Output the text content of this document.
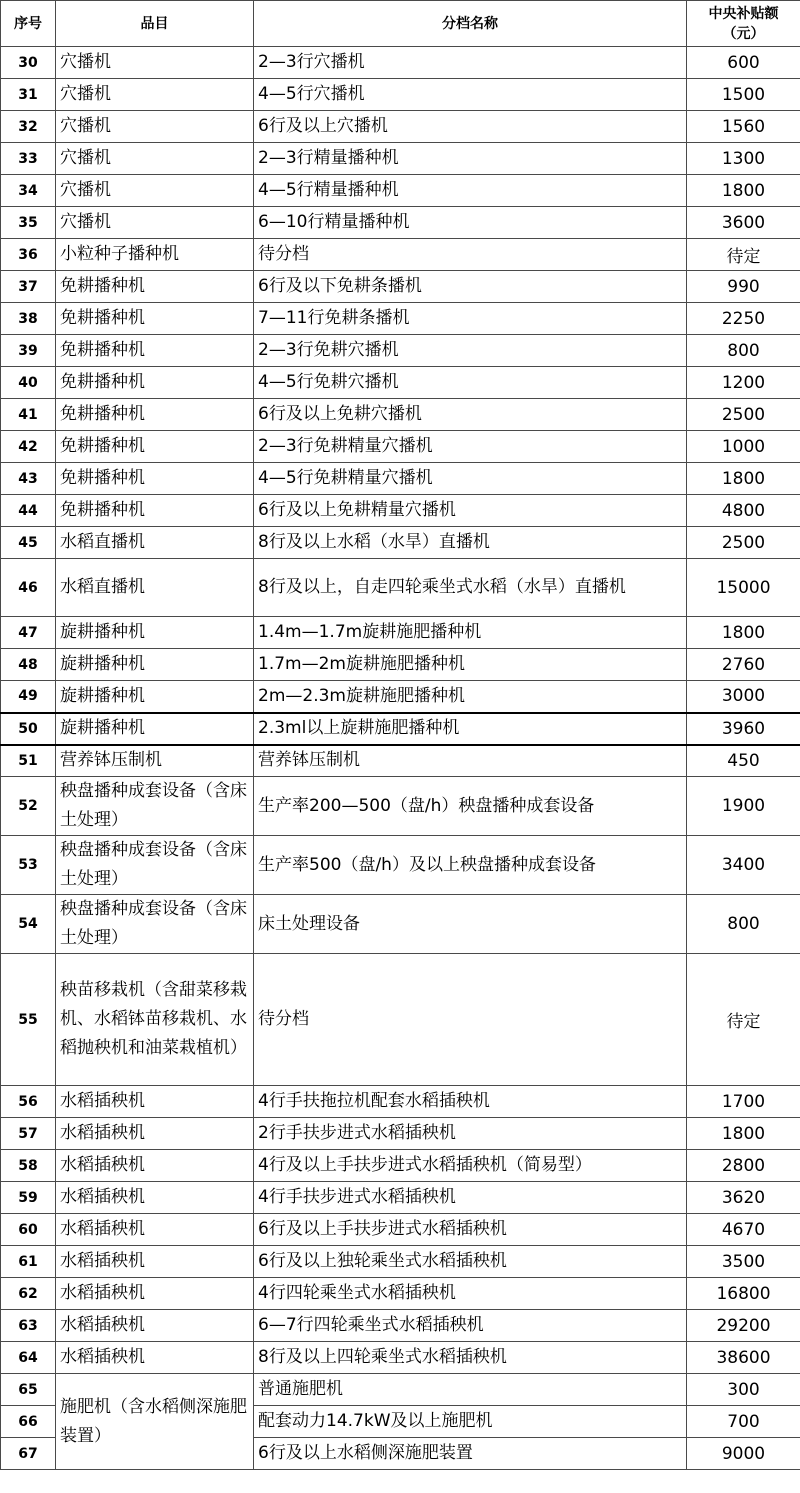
序号	品目	分档名称	中央补贴额
（元）

30	穴播机	2—3行穴播机	600
31	穴播机	4—5行穴播机	1500
32	穴播机	6行及以上穴播机	1560
33	穴播机	2—3行精量播种机	1300
34	穴播机	4—5行精量播种机	1800
35	穴播机	6—10行精量播种机	3600
36	小粒种子播种机	待分档	待定
37	免耕播种机	6行及以下免耕条播机	990
38	免耕播种机	7—11行免耕条播机	2250
39	免耕播种机	2—3行免耕穴播机	800
40	免耕播种机	4—5行免耕穴播机	1200
41	免耕播种机	6行及以上免耕穴播机	2500
42	免耕播种机	2—3行免耕精量穴播机	1000
43	免耕播种机	4—5行免耕精量穴播机	1800
44	免耕播种机	6行及以上免耕精量穴播机	4800
45	水稻直播机	8行及以上水稻（水旱）直播机	2500
46	水稻直播机	8行及以上，自走四轮乘坐式水稻（水旱）直播机	15000
47	旋耕播种机	1.4m—1.7m旋耕施肥播种机	1800
48	旋耕播种机	1.7m—2m旋耕施肥播种机	2760
49	旋耕播种机	2m—2.3m旋耕施肥播种机	3000
50	旋耕播种机	2.3ml以上旋耕施肥播种机	3960
51	营养钵压制机	营养钵压制机	450
52	秧盘播种成套设备（含床土处理）	生产率200—500（盘/h）秧盘播种成套设备	1900
53	秧盘播种成套设备（含床土处理）	生产率500（盘/h）及以上秧盘播种成套设备	3400
54	秧盘播种成套设备（含床土处理）	床土处理设备	800
55	秧苗移栽机（含甜菜移栽机、水稻钵苗移栽机、水稻抛秧机和油菜栽植机）	待分档	待定
56	水稻插秧机	4行手扶拖拉机配套水稻插秧机	1700
57	水稻插秧机	2行手扶步进式水稻插秧机	1800
58	水稻插秧机	4行及以上手扶步进式水稻插秧机（简易型）	2800
59	水稻插秧机	4行手扶步进式水稻插秧机	3620
60	水稻插秧机	6行及以上手扶步进式水稻插秧机	4670
61	水稻插秧机	6行及以上独轮乘坐式水稻插秧机	3500
62	水稻插秧机	4行四轮乘坐式水稻插秧机	16800
63	水稻插秧机	6—7行四轮乘坐式水稻插秧机	29200
64	水稻插秧机	8行及以上四轮乘坐式水稻插秧机	38600
65	施肥机（含水稻侧深施肥装置）	普通施肥机	300
66		配套动力14.7kW及以上施肥机	700
67		6行及以上水稻侧深施肥装置	9000
